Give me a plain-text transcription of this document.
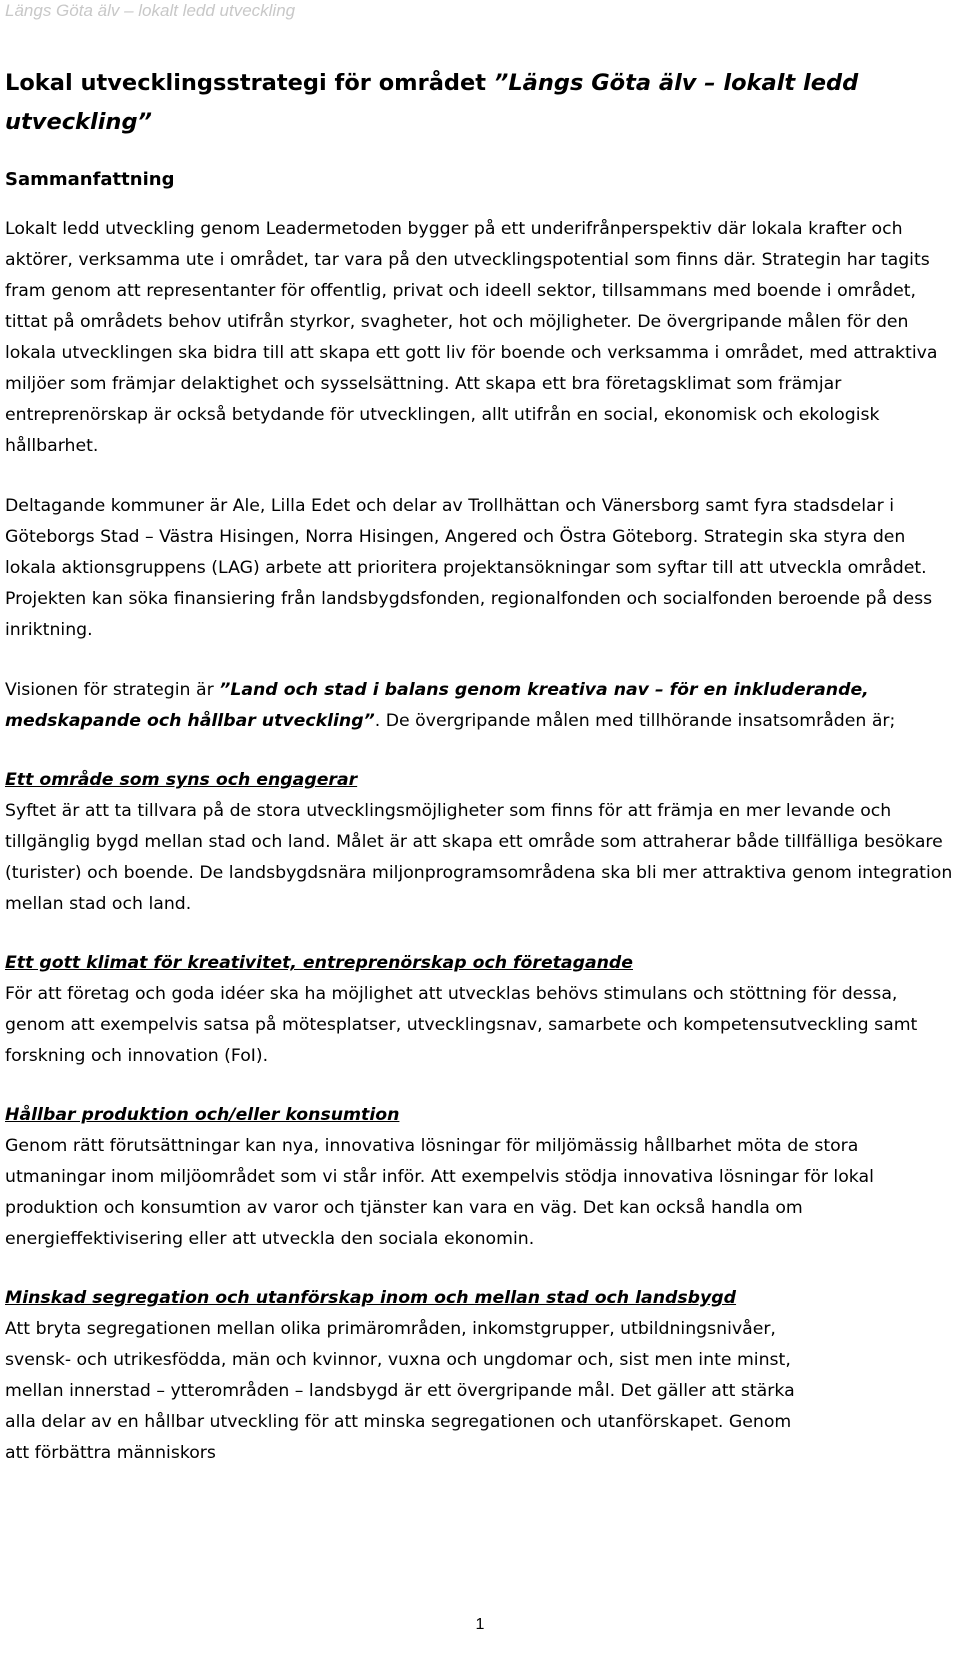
Längs Göta älv – lokalt ledd utveckling
Lokal utvecklingsstrategi för området ”Längs Göta älv – lokalt ledd utveckling”
Sammanfattning

Lokalt ledd utveckling genom Leadermetoden bygger på ett underifrånperspektiv där lokala krafter och aktörer, verksamma ute i området, tar vara på den utvecklingspotential som finns där. Strategin har tagits fram genom att representanter för offentlig, privat och ideell sektor, tillsammans med boende i området, tittat på områdets behov utifrån styrkor, svagheter, hot och möjligheter. De övergripande målen för den lokala utvecklingen ska bidra till att skapa ett gott liv för boende och verksamma i området, med attraktiva miljöer som främjar delaktighet och sysselsättning. Att skapa ett bra företagsklimat som främjar entreprenörskap är också betydande för utvecklingen, allt utifrån en social, ekonomisk och ekologisk hållbarhet.

Deltagande kommuner är Ale, Lilla Edet och delar av Trollhättan och Vänersborg samt fyra stadsdelar i Göteborgs Stad – Västra Hisingen, Norra Hisingen, Angered och Östra Göteborg. Strategin ska styra den lokala aktionsgruppens (LAG) arbete att prioritera projektansökningar som syftar till att utveckla området. Projekten kan söka finansiering från landsbygdsfonden, regionalfonden och socialfonden beroende på dess inriktning.

Visionen för strategin är ”Land och stad i balans genom kreativa nav – för en inkluderande, medskapande och hållbar utveckling”. De övergripande målen med tillhörande insatsområden är;

Ett område som syns och engagerar

Syftet är att ta tillvara på de stora utvecklingsmöjligheter som finns för att främja en mer levande och tillgänglig bygd mellan stad och land. Målet är att skapa ett område som attraherar både tillfälliga besökare (turister) och boende. De landsbygdsnära miljonprogramsområdena ska bli mer attraktiva genom integration mellan stad och land.

Ett gott klimat för kreativitet, entreprenörskap och företagande

För att företag och goda idéer ska ha möjlighet att utvecklas behövs stimulans och stöttning för dessa, genom att exempelvis satsa på mötesplatser, utvecklingsnav, samarbete och kompetensutveckling samt forskning och innovation (FoI).

Hållbar produktion och/eller konsumtion

Genom rätt förutsättningar kan nya, innovativa lösningar för miljömässig hållbarhet möta de stora utmaningar inom miljöområdet som vi står inför. Att exempelvis stödja innovativa lösningar för lokal produktion och konsumtion av varor och tjänster kan vara en väg. Det kan också handla om energieffektivisering eller att utveckla den sociala ekonomin.

Minskad segregation och utanförskap inom och mellan stad och landsbygd

Att bryta segregationen mellan olika primärområden, inkomstgrupper, utbildningsnivåer, svensk- och utrikesfödda, män och kvinnor, vuxna och ungdomar och, sist men inte minst, mellan innerstad – ytterområden – landsbygd är ett övergripande mål. Det gäller att stärka alla delar av en hållbar utveckling för att minska segregationen och utanförskapet. Genom att förbättra människors

1
